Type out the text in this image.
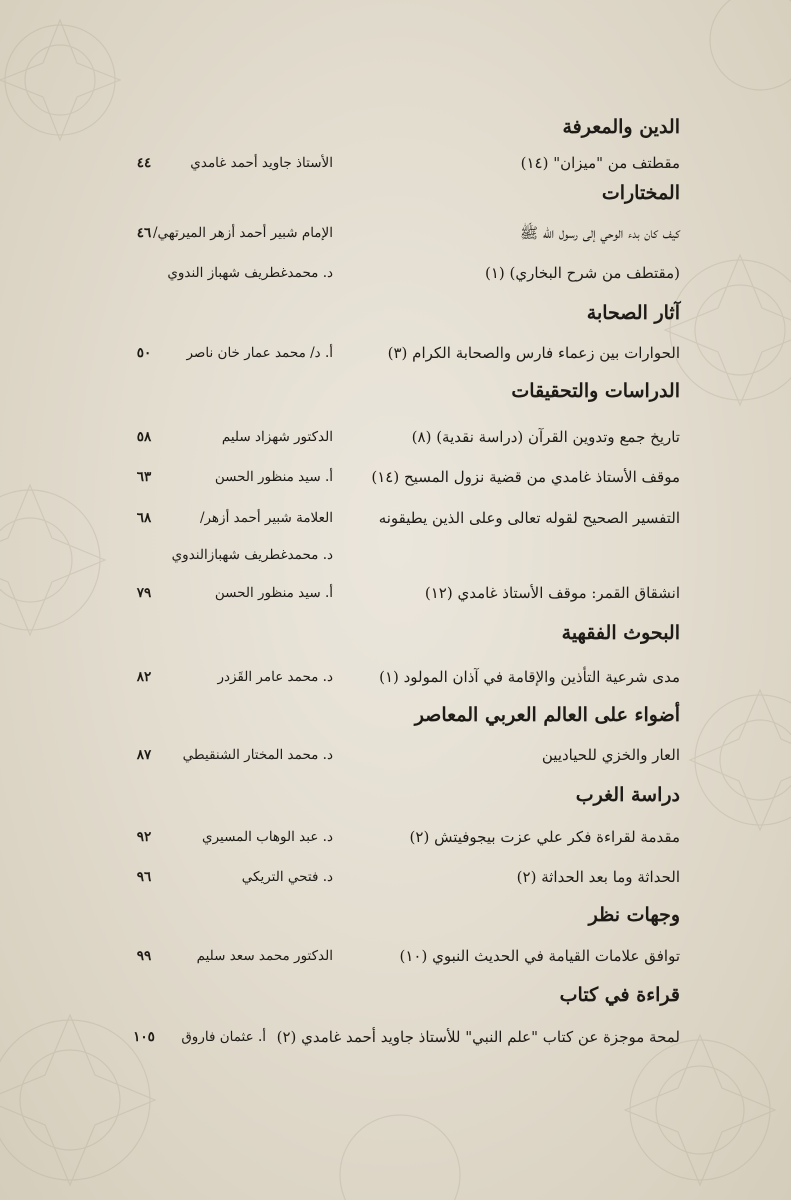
الدين والمعرفة
مقطتف من "ميزان" (١٤)
الأستاذ جاويد أحمد غامدي
٤٤
المختارات
كيف كان بدء الوحي إلى رسول الله ﷺ
الإمام شبير أحمد أزهر الميرتهي/
٤٦
(مقتطف من شرح البخاري) (١)
د. محمدغطريف شهباز الندوي
آثار الصحابة
الحوارات بين زعماء فارس والصحابة الكرام (٣)
أ. د/ محمد عمار خان ناصر
٥٠
الدراسات والتحقيقات
تاريخ جمع وتدوين القرآن (دراسة نقدية) (٨)
الدكتور شهزاد سليم
٥٨
موقف الأستاذ غامدي من قضية نزول المسيح (١٤)
أ. سيد منظور الحسن
٦٣
التفسير الصحيح لقوله تعالى وعلى الذين يطيقونه
العلامة شبير أحمد أزهر/
٦٨
د. محمدغطريف شهبازالندوي
انشقاق القمر: موقف الأستاذ غامدي (١٢)
أ. سيد منظور الحسن
٧٩
البحوث الفقهية
مدى شرعية التأذين والإقامة في آذان المولود (١)
د. محمد عامر القَزدر
٨٢
أضواء على العالم العربي المعاصر
العار والخزي للحياديين
د. محمد المختار الشنقيطي
٨٧
دراسة الغرب
مقدمة لقراءة فكر علي عزت بيجوفيتش (٢)
د. عبد الوهاب المسيري
٩٢
الحداثة وما بعد الحداثة (٢)
د. فتحي التريكي
٩٦
وجهات نظر
توافق علامات القيامة في الحديث النبوي (١٠)
الدكتور محمد سعد سليم
٩٩
قراءة في كتاب
لمحة موجزة عن كتاب "علم النبي" للأستاذ جاويد أحمد غامدي (٢)
أ. عثمان فاروق
١٠٥
